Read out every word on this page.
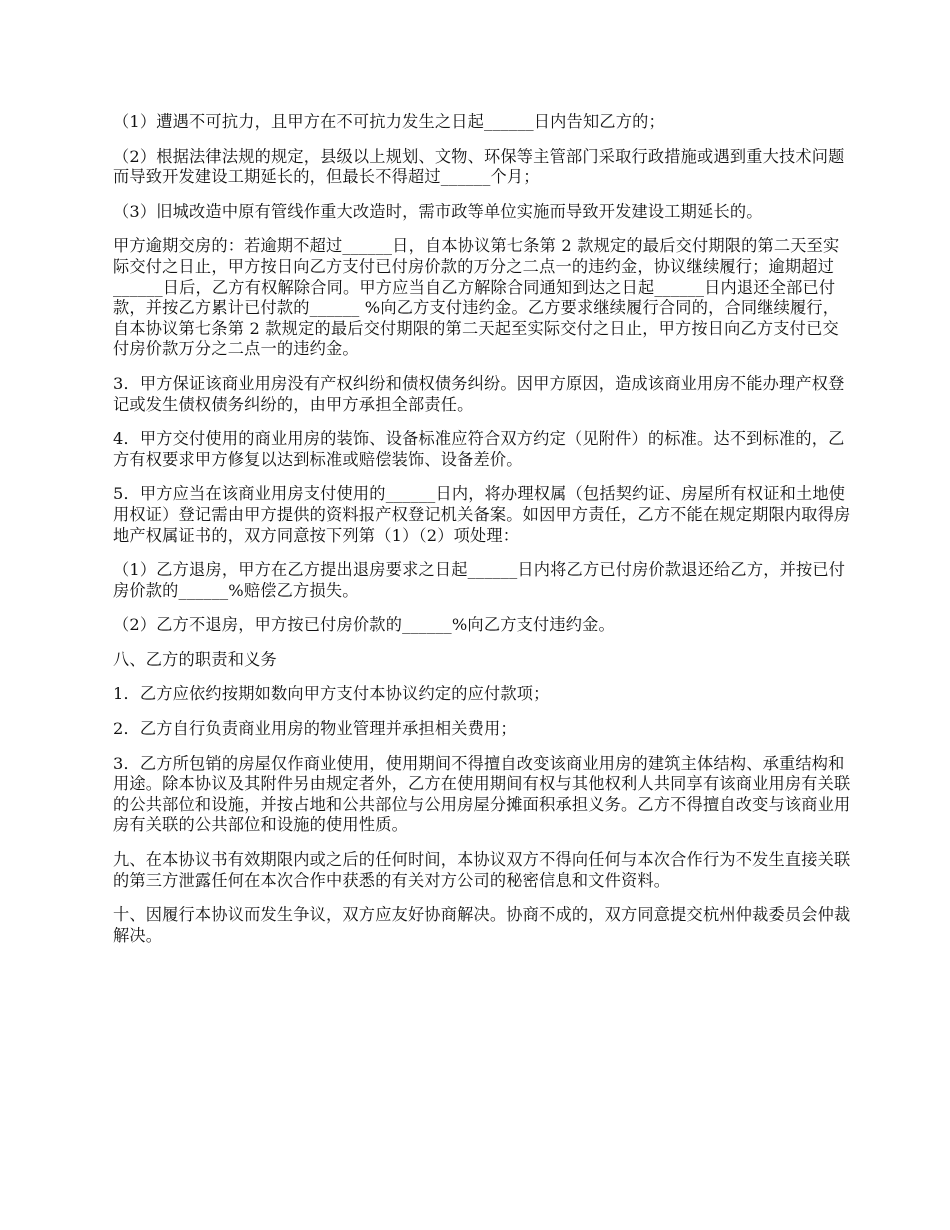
（1）遭遇不可抗力，且甲方在不可抗力发生之日起______日内告知乙方的；

（2）根据法律法规的规定，县级以上规划、文物、环保等主管部门采取行政措施或遇到重大技术问题而导致开发建设工期延长的，但最长不得超过______个月；

（3）旧城改造中原有管线作重大改造时，需市政等单位实施而导致开发建设工期延长的。

甲方逾期交房的：若逾期不超过______日，自本协议第七条第 2 款规定的最后交付期限的第二天至实际交付之日止，甲方按日向乙方支付已付房价款的万分之二点一的违约金，协议继续履行；逾期超过______日后，乙方有权解除合同。甲方应当自乙方解除合同通知到达之日起______日内退还全部已付款，并按乙方累计已付款的______ %向乙方支付违约金。乙方要求继续履行合同的，合同继续履行，自本协议第七条第 2 款规定的最后交付期限的第二天起至实际交付之日止，甲方按日向乙方支付已交付房价款万分之二点一的违约金。

3．甲方保证该商业用房没有产权纠纷和债权债务纠纷。因甲方原因，造成该商业用房不能办理产权登记或发生债权债务纠纷的，由甲方承担全部责任。

4．甲方交付使用的商业用房的装饰、设备标准应符合双方约定（见附件）的标准。达不到标准的，乙方有权要求甲方修复以达到标准或赔偿装饰、设备差价。

5．甲方应当在该商业用房支付使用的______日内，将办理权属（包括契约证、房屋所有权证和土地使用权证）登记需由甲方提供的资料报产权登记机关备案。如因甲方责任，乙方不能在规定期限内取得房地产权属证书的，双方同意按下列第（1）（2）项处理：

（1）乙方退房，甲方在乙方提出退房要求之日起______日内将乙方已付房价款退还给乙方，并按已付房价款的______%赔偿乙方损失。

（2）乙方不退房，甲方按已付房价款的______%向乙方支付违约金。

八、乙方的职责和义务

1．乙方应依约按期如数向甲方支付本协议约定的应付款项；

2．乙方自行负责商业用房的物业管理并承担相关费用；

3．乙方所包销的房屋仅作商业使用，使用期间不得擅自改变该商业用房的建筑主体结构、承重结构和用途。除本协议及其附件另由规定者外，乙方在使用期间有权与其他权利人共同享有该商业用房有关联的公共部位和设施，并按占地和公共部位与公用房屋分摊面积承担义务。乙方不得擅自改变与该商业用房有关联的公共部位和设施的使用性质。

九、在本协议书有效期限内或之后的任何时间，本协议双方不得向任何与本次合作行为不发生直接关联的第三方泄露任何在本次合作中获悉的有关对方公司的秘密信息和文件资料。

十、因履行本协议而发生争议，双方应友好协商解决。协商不成的，双方同意提交杭州仲裁委员会仲裁解决。
